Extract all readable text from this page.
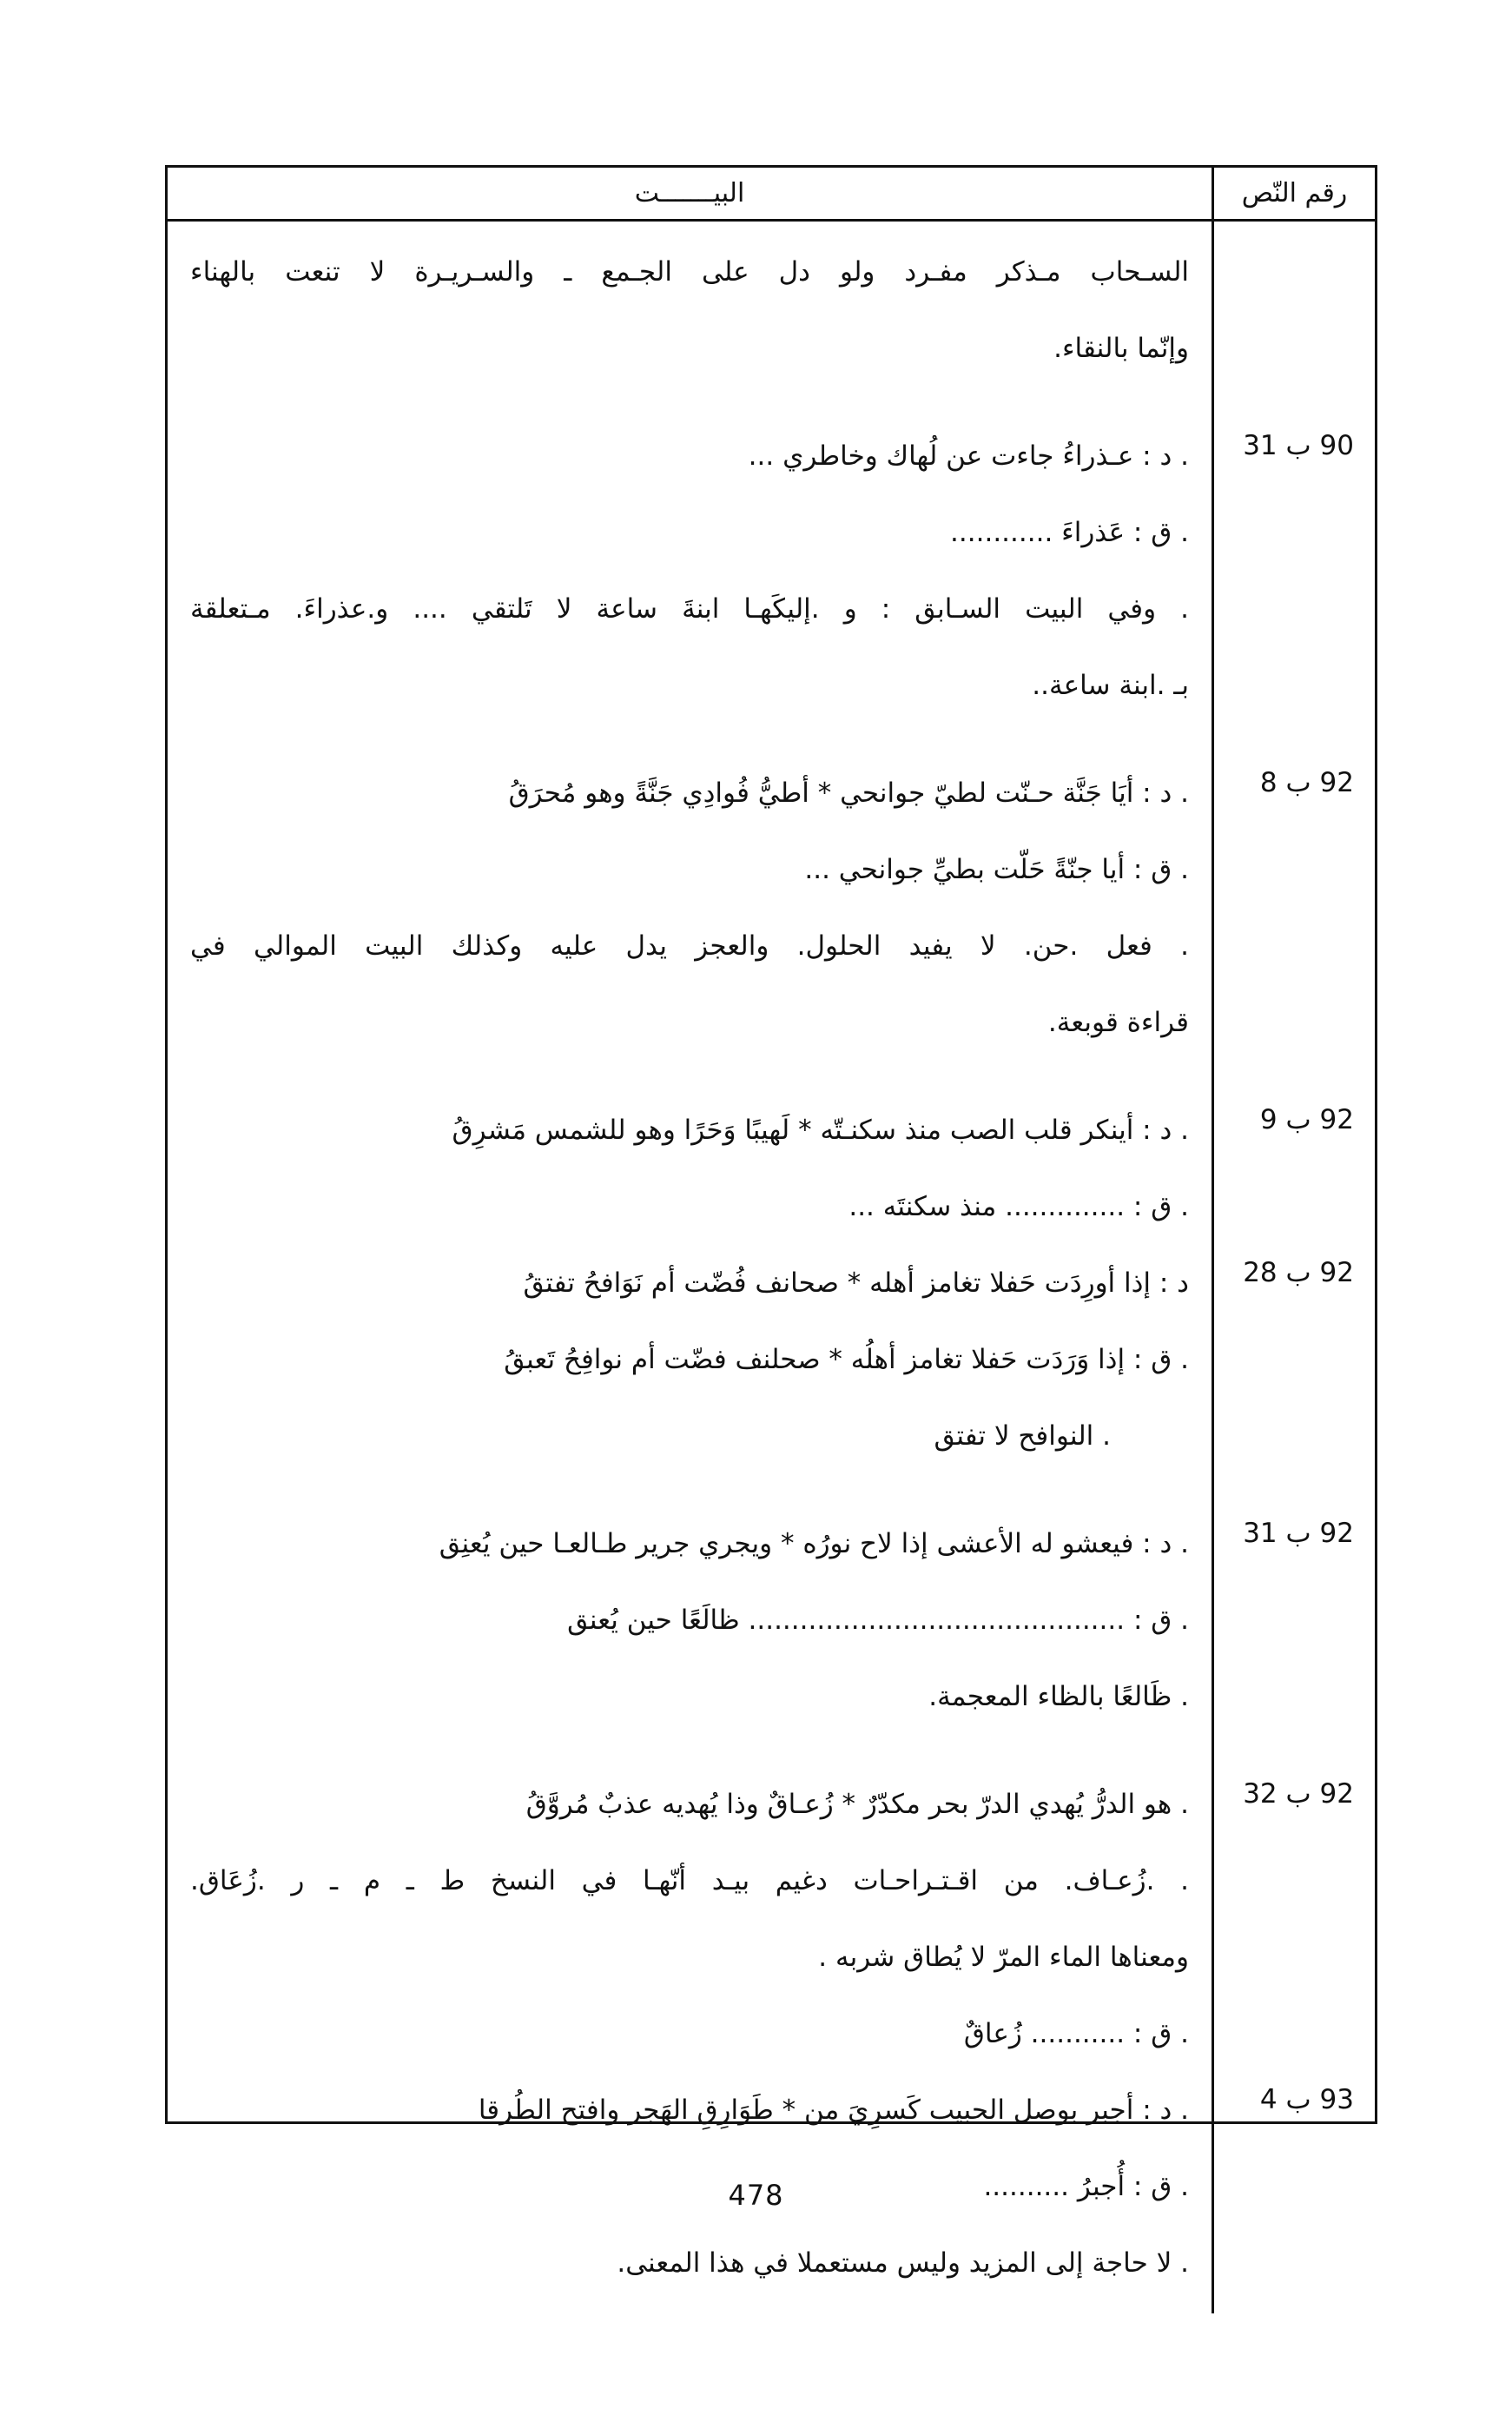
البيـــــــت	رقم النّص
السـحاب مـذكر مفـرد ولو دل على الجـمع ـ والسـريـرة لا تنعت بالهناء
وإنّما بالنقاء.
. د : عـذراءُ جاءت عن لُهاك وخاطري ...
. ق : عَذراءَ ............
. وفي البيت السـابق : و .إليكَهـا ابنةَ ساعة لا تَلتقي .... و.عذراءَ. مـتعلقة
بـ .ابنة ساعة..
. د : أيَا جَنَّة حـنّت لطيّ جوانحي * أطيُّ فُوادِي جَنَّةً وهو مُحرَقُ
. ق : أيا جنّةً حَلّت بطيِّ جوانحي ...
. فعل .حن. لا يفيد الحلول. والعجز يدل عليه وكذلك البيت الموالي في
قراءة قوبعة.
. د : أينكر قلب الصب منذ سكنـتّه * لَهيبًا وَحَرًا وهو للشمس مَشرِقُ
. ق : .............. منذ سكنتَه ...
د : إذا أورِدَت حَفلا تغامز أهله * صحانف فُضّت أم نَوَافحُ تفتقُ
. ق : إذا وَرَدَت حَفلا تغامز أهلُه * صحلنف فضّت أم نوافِحُ تَعبقُ
. النوافح لا تفتق
. د : فيعشو له الأعشى إذا لاح نورُه * ويجري جرير طـالعـا حين يُعنِق
. ق : ............................................ ظالَعًا حين يُعنق
. ظَالعًا بالظاء المعجمة.
. هو الدرُّ يُهدي الدرّ بحر مكدّرٌ * زُعـاقٌ وذا يُهديه عذبٌ مُروَّقُ
. .زُعـاف. من اقـتـراحـات دغيم بيـد أنّهـا في النسخ ط ـ م ـ ر .زُعَاق.
ومعناها الماء المرّ لا يُطاق شربه .
. ق : ........... زُعاقٌ
. د : أجبر بوصل الحبيب كَسرِيَ من * طَوَارِقِ الهَجر وافتح الطُرقا
. ق : أُجبرُ ..........
. لا حاجة إلى المزيد وليس مستعملا في هذا المعنى.
90 ب 31
92 ب 8
92 ب 9
92 ب 28
92 ب 31
92 ب 32
93 ب 4
478
